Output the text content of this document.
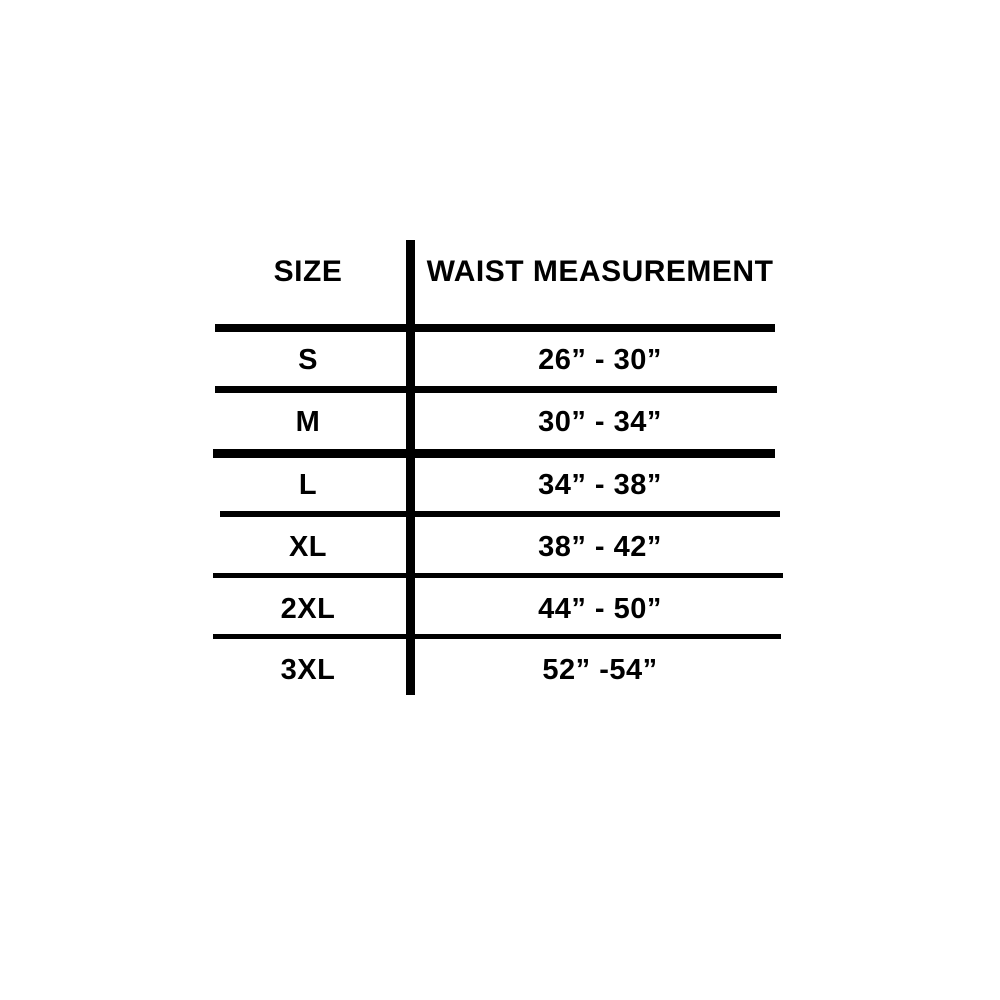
SIZE	WAIST MEASUREMENT
S	26” - 30”
M	30” - 34”
L	34” - 38”
XL	38” - 42”
2XL	44” - 50”
3XL	52” -54”
